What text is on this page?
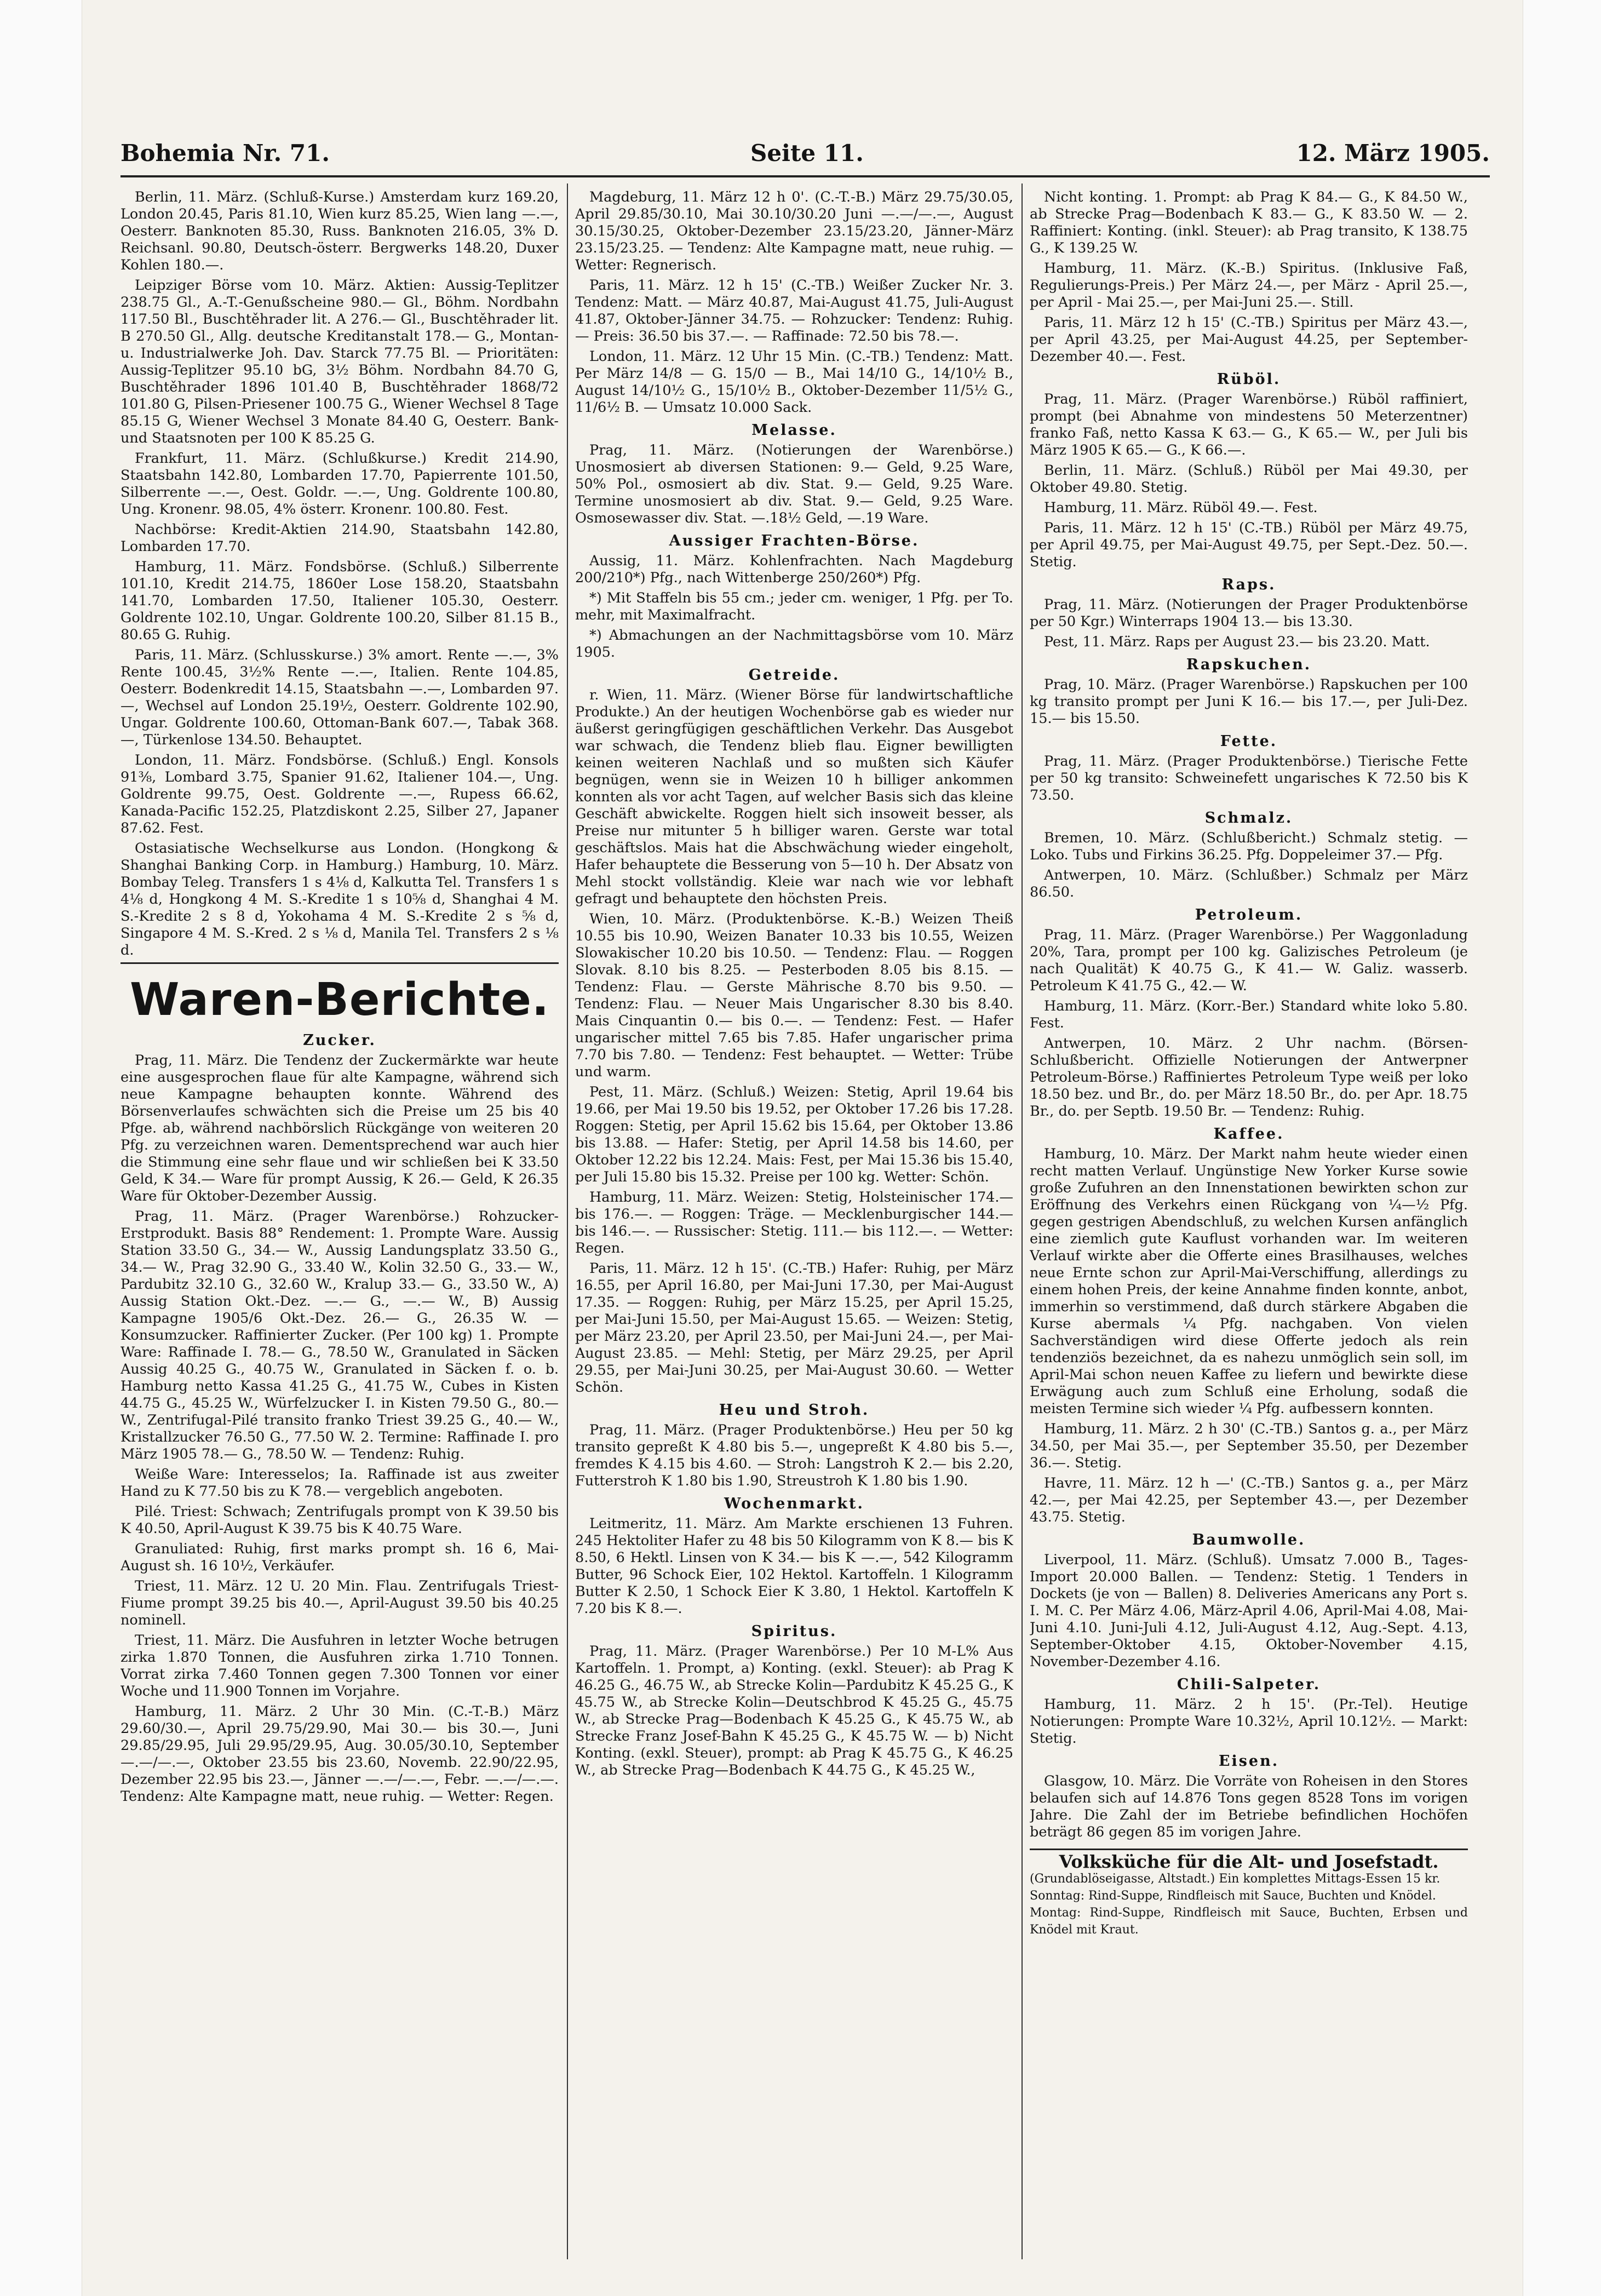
Bohemia Nr. 71.	Seite 11.	12. März 1905.

Berlin, 11. März. (Schluß-Kurse.) Amsterdam kurz 169.20, London 20.45, Paris 81.10, Wien kurz 85.25, Wien lang —.—, Oesterr. Banknoten 85.30, Russ. Banknoten 216.05, 3% D. Reichsanl. 90.80, Deutsch-österr. Bergwerks 148.20, Duxer Kohlen 180.—.

Leipziger Börse vom 10. März. Aktien: Aussig-Teplitzer 238.75 Gl., A.-T.-Genußscheine 980.— Gl., Böhm. Nordbahn 117.50 Bl., Buschtěhrader lit. A 276.— Gl., Buschtěhrader lit. B 270.50 Gl., Allg. deutsche Kreditanstalt 178.— G., Montan- u. Industrialwerke Joh. Dav. Starck 77.75 Bl. — Prioritäten: Aussig-Teplitzer 95.10 bG, 3½ Böhm. Nordbahn 84.70 G, Buschtěhrader 1896 101.40 B, Buschtěhrader 1868/72 101.80 G, Pilsen-Priesener 100.75 G., Wiener Wechsel 8 Tage 85.15 G, Wiener Wechsel 3 Monate 84.40 G, Oesterr. Bank- und Staatsnoten per 100 K 85.25 G.

Frankfurt, 11. März. (Schlußkurse.) Kredit 214.90, Staatsbahn 142.80, Lombarden 17.70, Papierrente 101.50, Silberrente —.—, Oest. Goldr. —.—, Ung. Goldrente 100.80, Ung. Kronenr. 98.05, 4% österr. Kronenr. 100.80. Fest.

Nachbörse: Kredit-Aktien 214.90, Staatsbahn 142.80, Lombarden 17.70.

Hamburg, 11. März. Fondsbörse. (Schluß.) Silberrente 101.10, Kredit 214.75, 1860er Lose 158.20, Staatsbahn 141.70, Lombarden 17.50, Italiener 105.30, Oesterr. Goldrente 102.10, Ungar. Goldrente 100.20, Silber 81.15 B., 80.65 G. Ruhig.

Paris, 11. März. (Schlusskurse.) 3% amort. Rente —.—, 3% Rente 100.45, 3½% Rente —.—, Italien. Rente 104.85, Oesterr. Bodenkredit 14.15, Staatsbahn —.—, Lombarden 97.—, Wechsel auf London 25.19½, Oesterr. Goldrente 102.90, Ungar. Goldrente 100.60, Ottoman-Bank 607.—, Tabak 368.—, Türkenlose 134.50. Behauptet.

London, 11. März. Fondsbörse. (Schluß.) Engl. Konsols 91⅜, Lombard 3.75, Spanier 91.62, Italiener 104.—, Ung. Goldrente 99.75, Oest. Goldrente —.—, Rupess 66.62, Kanada-Pacific 152.25, Platzdiskont 2.25, Silber 27, Japaner 87.62. Fest.

Ostasiatische Wechselkurse aus London. (Hongkong & Shanghai Banking Corp. in Hamburg.) Hamburg, 10. März. Bombay Teleg. Transfers 1 s 4⅛ d, Kalkutta Tel. Transfers 1 s 4⅛ d, Hongkong 4 M. S.-Kredite 1 s 10⅝ d, Shanghai 4 M. S.-Kredite 2 s 8 d, Yokohama 4 M. S.-Kredite 2 s ⅝ d, Singapore 4 M. S.-Kred. 2 s ⅛ d, Manila Tel. Transfers 2 s ⅛ d.

Waren-Berichte.
Zucker.

Prag, 11. März. Die Tendenz der Zuckermärkte war heute eine ausgesprochen flaue für alte Kampagne, während sich neue Kampagne behaupten konnte. Während des Börsenverlaufes schwächten sich die Preise um 25 bis 40 Pfge. ab, während nachbörslich Rückgänge von weiteren 20 Pfg. zu verzeichnen waren. Dementsprechend war auch hier die Stimmung eine sehr flaue und wir schließen bei K 33.50 Geld, K 34.— Ware für prompt Aussig, K 26.— Geld, K 26.35 Ware für Oktober-Dezember Aussig.

Prag, 11. März. (Prager Warenbörse.) Rohzucker-Erstprodukt. Basis 88° Rendement: 1. Prompte Ware. Aussig Station 33.50 G., 34.— W., Aussig Landungsplatz 33.50 G., 34.— W., Prag 32.90 G., 33.40 W., Kolin 32.50 G., 33.— W., Pardubitz 32.10 G., 32.60 W., Kralup 33.— G., 33.50 W., A) Aussig Station Okt.-Dez. —.— G., —.— W., B) Aussig Kampagne 1905/6 Okt.-Dez. 26.— G., 26.35 W. — Konsumzucker. Raffinierter Zucker. (Per 100 kg) 1. Prompte Ware: Raffinade I. 78.— G., 78.50 W., Granulated in Säcken Aussig 40.25 G., 40.75 W., Granulated in Säcken f. o. b. Hamburg netto Kassa 41.25 G., 41.75 W., Cubes in Kisten 44.75 G., 45.25 W., Würfelzucker I. in Kisten 79.50 G., 80.— W., Zentrifugal-Pilé transito franko Triest 39.25 G., 40.— W., Kristallzucker 76.50 G., 77.50 W. 2. Termine: Raffinade I. pro März 1905 78.— G., 78.50 W. — Tendenz: Ruhig.

Weiße Ware: Interesselos; Ia. Raffinade ist aus zweiter Hand zu K 77.50 bis zu K 78.— vergeblich angeboten.

Pilé. Triest: Schwach; Zentrifugals prompt von K 39.50 bis K 40.50, April-August K 39.75 bis K 40.75 Ware.

Granuliated: Ruhig, first marks prompt sh. 16 6, Mai-August sh. 16 10½, Verkäufer.

Triest, 11. März. 12 U. 20 Min. Flau. Zentrifugals Triest-Fiume prompt 39.25 bis 40.—, April-August 39.50 bis 40.25 nominell.

Triest, 11. März. Die Ausfuhren in letzter Woche betrugen zirka 1.870 Tonnen, die Ausfuhren zirka 1.710 Tonnen. Vorrat zirka 7.460 Tonnen gegen 7.300 Tonnen vor einer Woche und 11.900 Tonnen im Vorjahre.

Hamburg, 11. März. 2 Uhr 30 Min. (C.-T.-B.) März 29.60/30.—, April 29.75/29.90, Mai 30.— bis 30.—, Juni 29.85/29.95, Juli 29.95/29.95, Aug. 30.05/30.10, September —.—/—.—, Oktober 23.55 bis 23.60, Novemb. 22.90/22.95, Dezember 22.95 bis 23.—, Jänner —.—/—.—, Febr. —.—/—.—. Tendenz: Alte Kampagne matt, neue ruhig. — Wetter: Regen.

Magdeburg, 11. März 12 h 0'. (C.-T.-B.) März 29.75/30.05, April 29.85/30.10, Mai 30.10/30.20 Juni —.—/—.—, August 30.15/30.25, Oktober-Dezember 23.15/23.20, Jänner-März 23.15/23.25. — Tendenz: Alte Kampagne matt, neue ruhig. — Wetter: Regnerisch.

Paris, 11. März. 12 h 15' (C.-TB.) Weißer Zucker Nr. 3. Tendenz: Matt. — März 40.87, Mai-August 41.75, Juli-August 41.87, Oktober-Jänner 34.75. — Rohzucker: Tendenz: Ruhig. — Preis: 36.50 bis 37.—. — Raffinade: 72.50 bis 78.—.

London, 11. März. 12 Uhr 15 Min. (C.-TB.) Tendenz: Matt. Per März 14/8 — G. 15/0 — B., Mai 14/10 G., 14/10½ B., August 14/10½ G., 15/10½ B., Oktober-Dezember 11/5½ G., 11/6½ B. — Umsatz 10.000 Sack.

Melasse.

Prag, 11. März. (Notierungen der Warenbörse.) Unosmosiert ab diversen Stationen: 9.— Geld, 9.25 Ware, 50% Pol., osmosiert ab div. Stat. 9.— Geld, 9.25 Ware. Termine unosmosiert ab div. Stat. 9.— Geld, 9.25 Ware. Osmosewasser div. Stat. —.18½ Geld, —.19 Ware.

Aussiger Frachten-Börse.

Aussig, 11. März. Kohlenfrachten. Nach Magdeburg 200/210*) Pfg., nach Wittenberge 250/260*) Pfg.

*) Mit Staffeln bis 55 cm.; jeder cm. weniger, 1 Pfg. per To. mehr, mit Maximalfracht.

*) Abmachungen an der Nachmittagsbörse vom 10. März 1905.

Getreide.

r. Wien, 11. März. (Wiener Börse für landwirtschaftliche Produkte.) An der heutigen Wochenbörse gab es wieder nur äußerst geringfügigen geschäftlichen Verkehr. Das Ausgebot war schwach, die Tendenz blieb flau. Eigner bewilligten keinen weiteren Nachlaß und so mußten sich Käufer begnügen, wenn sie in Weizen 10 h billiger ankommen konnten als vor acht Tagen, auf welcher Basis sich das kleine Geschäft abwickelte. Roggen hielt sich insoweit besser, als Preise nur mitunter 5 h billiger waren. Gerste war total geschäftslos. Mais hat die Abschwächung wieder eingeholt, Hafer behauptete die Besserung von 5—10 h. Der Absatz von Mehl stockt vollständig. Kleie war nach wie vor lebhaft gefragt und behauptete den höchsten Preis.

Wien, 10. März. (Produktenbörse. K.-B.) Weizen Theiß 10.55 bis 10.90, Weizen Banater 10.33 bis 10.55, Weizen Slowakischer 10.20 bis 10.50. — Tendenz: Flau. — Roggen Slovak. 8.10 bis 8.25. — Pesterboden 8.05 bis 8.15. — Tendenz: Flau. — Gerste Mährische 8.70 bis 9.50. — Tendenz: Flau. — Neuer Mais Ungarischer 8.30 bis 8.40. Mais Cinquantin 0.— bis 0.—. — Tendenz: Fest. — Hafer ungarischer mittel 7.65 bis 7.85. Hafer ungarischer prima 7.70 bis 7.80. — Tendenz: Fest behauptet. — Wetter: Trübe und warm.

Pest, 11. März. (Schluß.) Weizen: Stetig, April 19.64 bis 19.66, per Mai 19.50 bis 19.52, per Oktober 17.26 bis 17.28. Roggen: Stetig, per April 15.62 bis 15.64, per Oktober 13.86 bis 13.88. — Hafer: Stetig, per April 14.58 bis 14.60, per Oktober 12.22 bis 12.24. Mais: Fest, per Mai 15.36 bis 15.40, per Juli 15.80 bis 15.32. Preise per 100 kg. Wetter: Schön.

Hamburg, 11. März. Weizen: Stetig, Holsteinischer 174.— bis 176.—. — Roggen: Träge. — Mecklenburgischer 144.— bis 146.—. — Russischer: Stetig. 111.— bis 112.—. — Wetter: Regen.

Paris, 11. März. 12 h 15'. (C.-TB.) Hafer: Ruhig, per März 16.55, per April 16.80, per Mai-Juni 17.30, per Mai-August 17.35. — Roggen: Ruhig, per März 15.25, per April 15.25, per Mai-Juni 15.50, per Mai-August 15.65. — Weizen: Stetig, per März 23.20, per April 23.50, per Mai-Juni 24.—, per Mai-August 23.85. — Mehl: Stetig, per März 29.25, per April 29.55, per Mai-Juni 30.25, per Mai-August 30.60. — Wetter Schön.

Heu und Stroh.

Prag, 11. März. (Prager Produktenbörse.) Heu per 50 kg transito gepreßt K 4.80 bis 5.—, ungepreßt K 4.80 bis 5.—, fremdes K 4.15 bis 4.60. — Stroh: Langstroh K 2.— bis 2.20, Futterstroh K 1.80 bis 1.90, Streustroh K 1.80 bis 1.90.

Wochenmarkt.

Leitmeritz, 11. März. Am Markte erschienen 13 Fuhren. 245 Hektoliter Hafer zu 48 bis 50 Kilogramm von K 8.— bis K 8.50, 6 Hektl. Linsen von K 34.— bis K —.—, 542 Kilogramm Butter, 96 Schock Eier, 102 Hektol. Kartoffeln. 1 Kilogramm Butter K 2.50, 1 Schock Eier K 3.80, 1 Hektol. Kartoffeln K 7.20 bis K 8.—.

Spiritus.

Prag, 11. März. (Prager Warenbörse.) Per 10 M-L% Aus Kartoffeln. 1. Prompt, a) Konting. (exkl. Steuer): ab Prag K 46.25 G., 46.75 W., ab Strecke Kolin—Pardubitz K 45.25 G., K 45.75 W., ab Strecke Kolin—Deutschbrod K 45.25 G., 45.75 W., ab Strecke Prag—Bodenbach K 45.25 G., K 45.75 W., ab Strecke Franz Josef-Bahn K 45.25 G., K 45.75 W. — b) Nicht Konting. (exkl. Steuer), prompt: ab Prag K 45.75 G., K 46.25 W., ab Strecke Prag—Bodenbach K 44.75 G., K 45.25 W.,

Nicht konting. 1. Prompt: ab Prag K 84.— G., K 84.50 W., ab Strecke Prag—Bodenbach K 83.— G., K 83.50 W. — 2. Raffiniert: Konting. (inkl. Steuer): ab Prag transito, K 138.75 G., K 139.25 W.

Hamburg, 11. März. (K.-B.) Spiritus. (Inklusive Faß, Regulierungs-Preis.) Per März 24.—, per März - April 25.—, per April - Mai 25.—, per Mai-Juni 25.—. Still.

Paris, 11. März 12 h 15' (C.-TB.) Spiritus per März 43.—, per April 43.25, per Mai-August 44.25, per September-Dezember 40.—. Fest.

Rüböl.

Prag, 11. März. (Prager Warenbörse.) Rüböl raffiniert, prompt (bei Abnahme von mindestens 50 Meterzentner) franko Faß, netto Kassa K 63.— G., K 65.— W., per Juli bis März 1905 K 65.— G., K 66.—.

Berlin, 11. März. (Schluß.) Rüböl per Mai 49.30, per Oktober 49.80. Stetig.

Hamburg, 11. März. Rüböl 49.—. Fest.

Paris, 11. März. 12 h 15' (C.-TB.) Rüböl per März 49.75, per April 49.75, per Mai-August 49.75, per Sept.-Dez. 50.—. Stetig.

Raps.

Prag, 11. März. (Notierungen der Prager Produktenbörse per 50 Kgr.) Winterraps 1904 13.— bis 13.30.

Pest, 11. März. Raps per August 23.— bis 23.20. Matt.

Rapskuchen.

Prag, 10. März. (Prager Warenbörse.) Rapskuchen per 100 kg transito prompt per Juni K 16.— bis 17.—, per Juli-Dez. 15.— bis 15.50.

Fette.

Prag, 11. März. (Prager Produktenbörse.) Tierische Fette per 50 kg transito: Schweinefett ungarisches K 72.50 bis K 73.50.

Schmalz.

Bremen, 10. März. (Schlußbericht.) Schmalz stetig. — Loko. Tubs und Firkins 36.25. Pfg. Doppeleimer 37.— Pfg.

Antwerpen, 10. März. (Schlußber.) Schmalz per März 86.50.

Petroleum.

Prag, 11. März. (Prager Warenbörse.) Per Waggonladung 20%, Tara, prompt per 100 kg. Galizisches Petroleum (je nach Qualität) K 40.75 G., K 41.— W. Galiz. wasserb. Petroleum K 41.75 G., 42.— W.

Hamburg, 11. März. (Korr.-Ber.) Standard white loko 5.80. Fest.

Antwerpen, 10. März. 2 Uhr nachm. (Börsen-Schlußbericht. Offizielle Notierungen der Antwerpner Petroleum-Börse.) Raffiniertes Petroleum Type weiß per loko 18.50 bez. und Br., do. per März 18.50 Br., do. per Apr. 18.75 Br., do. per Septb. 19.50 Br. — Tendenz: Ruhig.

Kaffee.

Hamburg, 10. März. Der Markt nahm heute wieder einen recht matten Verlauf. Ungünstige New Yorker Kurse sowie große Zufuhren an den Innenstationen bewirkten schon zur Eröffnung des Verkehrs einen Rückgang von ¼—½ Pfg. gegen gestrigen Abendschluß, zu welchen Kursen anfänglich eine ziemlich gute Kauflust vorhanden war. Im weiteren Verlauf wirkte aber die Offerte eines Brasilhauses, welches neue Ernte schon zur April-Mai-Verschiffung, allerdings zu einem hohen Preis, der keine Annahme finden konnte, anbot, immerhin so verstimmend, daß durch stärkere Abgaben die Kurse abermals ¼ Pfg. nachgaben. Von vielen Sachverständigen wird diese Offerte jedoch als rein tendenziös bezeichnet, da es nahezu unmöglich sein soll, im April-Mai schon neuen Kaffee zu liefern und bewirkte diese Erwägung auch zum Schluß eine Erholung, sodaß die meisten Termine sich wieder ¼ Pfg. aufbessern konnten.

Hamburg, 11. März. 2 h 30' (C.-TB.) Santos g. a., per März 34.50, per Mai 35.—, per September 35.50, per Dezember 36.—. Stetig.

Havre, 11. März. 12 h —' (C.-TB.) Santos g. a., per März 42.—, per Mai 42.25, per September 43.—, per Dezember 43.75. Stetig.

Baumwolle.

Liverpool, 11. März. (Schluß). Umsatz 7.000 B., Tages-Import 20.000 Ballen. — Tendenz: Stetig. 1 Tenders in Dockets (je von — Ballen) 8. Deliveries Americans any Port s. I. M. C. Per März 4.06, März-April 4.06, April-Mai 4.08, Mai-Juni 4.10. Juni-Juli 4.12, Juli-August 4.12, Aug.-Sept. 4.13, September-Oktober 4.15, Oktober-November 4.15, November-Dezember 4.16.

Chili-Salpeter.

Hamburg, 11. März. 2 h 15'. (Pr.-Tel). Heutige Notierungen: Prompte Ware 10.32½, April 10.12½. — Markt: Stetig.

Eisen.

Glasgow, 10. März. Die Vorräte von Roheisen in den Stores belaufen sich auf 14.876 Tons gegen 8528 Tons im vorigen Jahre. Die Zahl der im Betriebe befindlichen Hochöfen beträgt 86 gegen 85 im vorigen Jahre.

Volksküche für die Alt- und Josefstadt.
(Grundablöseigasse, Altstadt.) Ein komplettes Mittags-Essen 15 kr.
Sonntag: Rind-Suppe, Rindfleisch mit Sauce, Buchten und Knödel.
Montag: Rind-Suppe, Rindfleisch mit Sauce, Buchten, Erbsen und Knödel mit Kraut.
